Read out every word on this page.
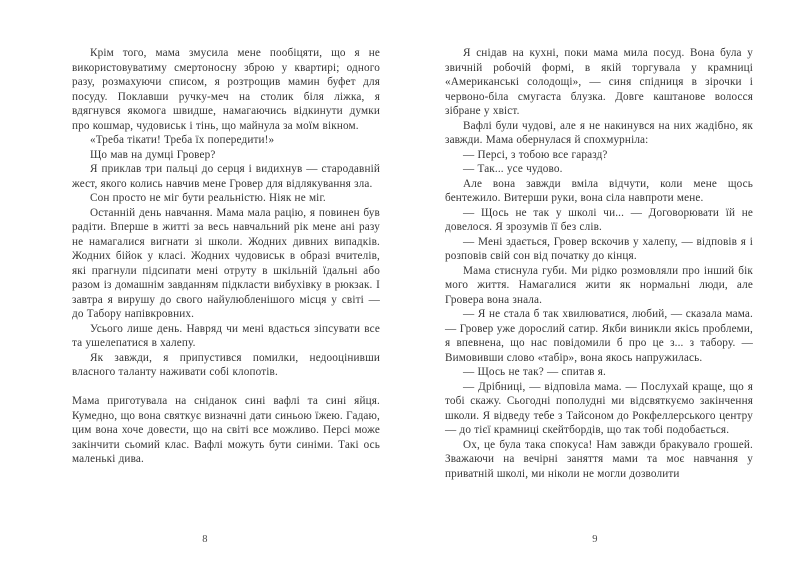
Крім того, мама змусила мене пообіцяти, що я не використовуватиму смертоносну зброю у квартирі; одного разу, розмахуючи списом, я розтрощив мамин буфет для посуду. Поклавши ручку-меч на столик біля ліжка, я вдягнувся якомога швидше, намагаючись відкинути думки про кошмар, чудовиськ і тінь, що майнула за моїм вікном.

«Треба тікати! Треба їх попередити!»

Що мав на думці Гровер?

Я приклав три пальці до серця і видихнув — стародавній жест, якого колись навчив мене Гровер для відлякування зла.

Сон просто не міг бути реальністю. Ніяк не міг.

Останній день навчання. Мама мала рацію, я повинен був радіти. Вперше в житті за весь навчальний рік мене ані разу не намагалися вигнати зі школи. Жодних дивних випадків. Жодних бійок у класі. Жодних чудовиськ в образі вчителів, які прагнули підсипати мені отруту в шкільній їдальні або разом із домашнім завданням підкласти вибухівку в рюкзак. І завтра я вирушу до свого найулюбленішого місця у світі — до Табору напівкровних.

Усього лише день. Навряд чи мені вдасться зіпсувати все та ушелепатися в халепу.

Як завжди, я припустився помилки, недооцінивши власного таланту наживати собі клопотів.

Мама приготувала на сніданок сині вафлі та сині яйця. Кумедно, що вона святкує визначні дати синьою їжею. Гадаю, цим вона хоче довести, що на світі все можливо. Персі може закінчити сьомий клас. Вафлі можуть бути синіми. Такі ось маленькі дива.

8

Я снідав на кухні, поки мама мила посуд. Вона була у звичній робочій формі, в якій торгувала у крамниці «Американські солодощі», — синя спідниця в зірочки і червоно-біла смугаста блузка. Довге каштанове волосся зібране у хвіст.

Вафлі були чудові, але я не накинувся на них жадібно, як завжди. Мама обернулася й спохмурніла:

— Персі, з тобою все гаразд?

— Так... усе чудово.

Але вона завжди вміла відчути, коли мене щось бентежило. Витерши руки, вона сіла навпроти мене.

— Щось не так у школі чи... — Договорювати їй не довелося. Я зрозумів її без слів.

— Мені здається, Гровер вскочив у халепу, — відповів я і розповів свій сон від початку до кінця.

Мама стиснула губи. Ми рідко розмовляли про інший бік мого життя. Намагалися жити як нормальні люди, але Гровера вона знала.

— Я не стала б так хвилюватися, любий, — сказала мама. — Гровер уже дорослий сатир. Якби виникли якісь проблеми, я впевнена, що нас повідомили б про це з... з табору. — Вимовивши слово «табір», вона якось напружилась.

— Щось не так? — спитав я.

— Дрібниці, — відповіла мама. — Послухай краще, що я тобі скажу. Сьогодні пополудні ми відсвяткуємо закінчення школи. Я відведу тебе з Тайсоном до Рокфеллерського центру — до тієї крамниці скейтбордів, що так тобі подобається.

Ох, це була така спокуса! Нам завжди бракувало грошей. Зважаючи на вечірні заняття мами та моє навчання у приватній школі, ми ніколи не могли дозволити

9
